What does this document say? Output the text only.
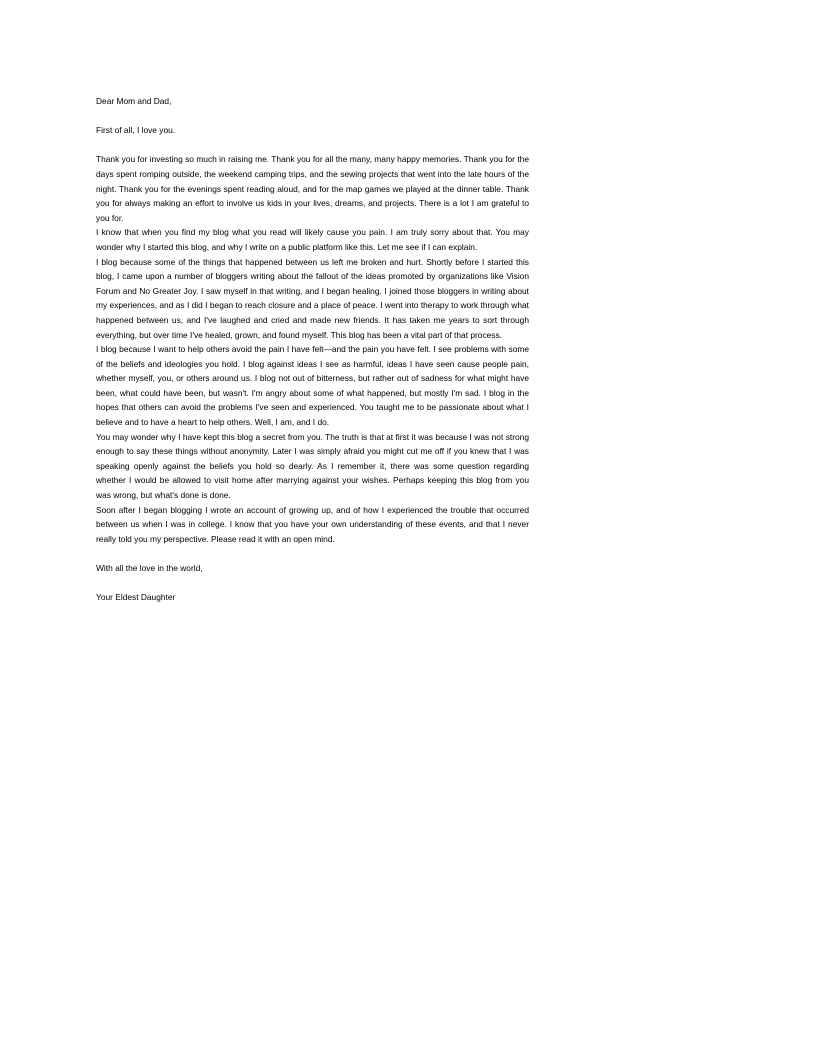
Dear Mom and Dad,

First of all, I love you.

Thank you for investing so much in raising me. Thank you for all the many, many happy memories. Thank you for the days spent romping outside, the weekend camping trips, and the sewing projects that went into the late hours of the night. Thank you for the evenings spent reading aloud, and for the map games we played at the dinner table. Thank you for always making an effort to involve us kids in your lives, dreams, and projects. There is a lot I am grateful to you for.

I know that when you find my blog what you read will likely cause you pain. I am truly sorry about that. You may wonder why I started this blog, and why I write on a public platform like this. Let me see if I can explain.

I blog because some of the things that happened between us left me broken and hurt. Shortly before I started this blog, I came upon a number of bloggers writing about the fallout of the ideas promoted by organizations like Vision Forum and No Greater Joy. I saw myself in that writing, and I began healing. I joined those bloggers in writing about my experiences, and as I did I began to reach closure and a place of peace. I went into therapy to work through what happened between us, and I've laughed and cried and made new friends. It has taken me years to sort through everything, but over time I've healed, grown, and found myself. This blog has been a vital part of that process.

I blog because I want to help others avoid the pain I have felt—and the pain you have felt. I see problems with some of the beliefs and ideologies you hold. I blog against ideas I see as harmful, ideas I have seen cause people pain, whether myself, you, or others around us. I blog not out of bitterness, but rather out of sadness for what might have been, what could have been, but wasn't. I'm angry about some of what happened, but mostly I'm sad. I blog in the hopes that others can avoid the problems I've seen and experienced. You taught me to be passionate about what I believe and to have a heart to help others. Well, I am, and I do.

You may wonder why I have kept this blog a secret from you. The truth is that at first it was because I was not strong enough to say these things without anonymity. Later I was simply afraid you might cut me off if you knew that I was speaking openly against the beliefs you hold so dearly. As I remember it, there was some question regarding whether I would be allowed to visit home after marrying against your wishes. Perhaps keeping this blog from you was wrong, but what's done is done.

Soon after I began blogging I wrote an account of growing up, and of how I experienced the trouble that occurred between us when I was in college. I know that you have your own understanding of these events, and that I never really told you my perspective. Please read it with an open mind.

With all the love in the world,

Your Eldest Daughter
